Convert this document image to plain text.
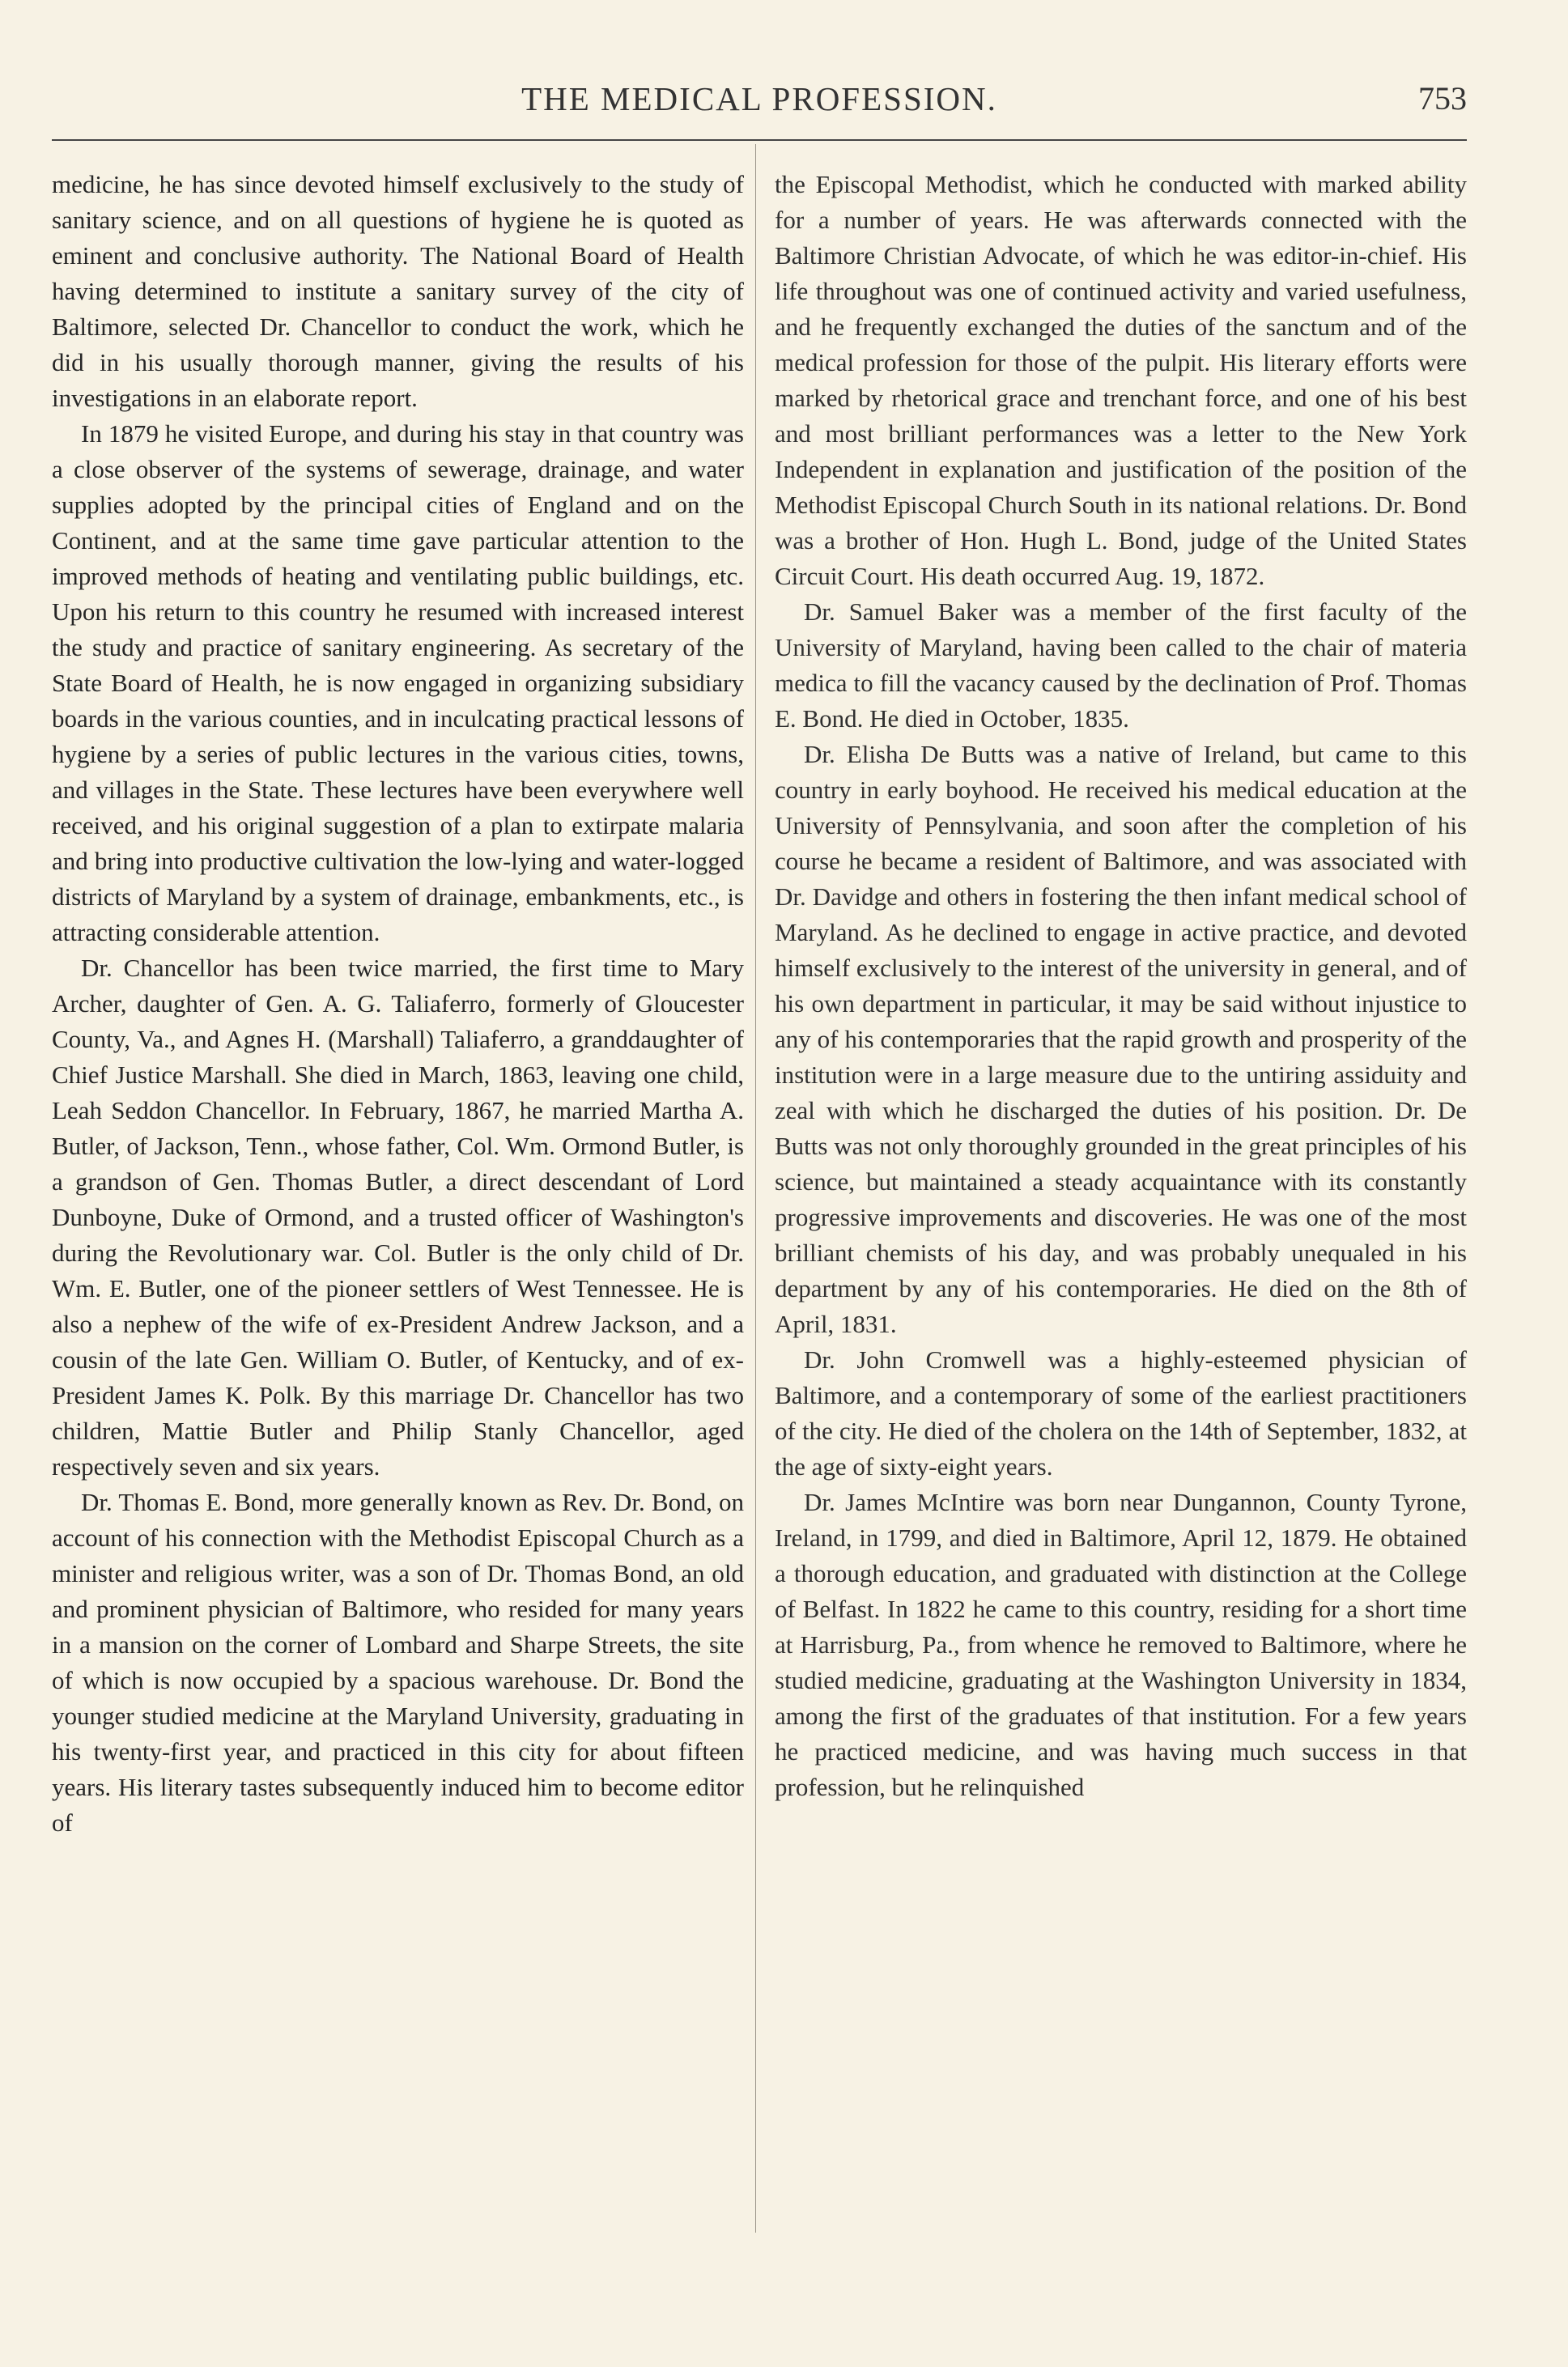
THE MEDICAL PROFESSION.	753

medicine, he has since devoted himself exclusively to the study of sanitary science, and on all questions of hygiene he is quoted as eminent and conclusive authority. The National Board of Health having determined to institute a sanitary survey of the city of Baltimore, selected Dr. Chancellor to conduct the work, which he did in his usually thorough manner, giving the results of his investigations in an elaborate report.

In 1879 he visited Europe, and during his stay in that country was a close observer of the systems of sewerage, drainage, and water supplies adopted by the principal cities of England and on the Continent, and at the same time gave particular attention to the improved methods of heating and ventilating public buildings, etc. Upon his return to this country he resumed with increased interest the study and practice of sanitary engineering. As secretary of the State Board of Health, he is now engaged in organizing subsidiary boards in the various counties, and in inculcating practical lessons of hygiene by a series of public lectures in the various cities, towns, and villages in the State. These lectures have been everywhere well received, and his original suggestion of a plan to extirpate malaria and bring into productive cultivation the low-lying and water-logged districts of Maryland by a system of drainage, embankments, etc., is attracting considerable attention.

Dr. Chancellor has been twice married, the first time to Mary Archer, daughter of Gen. A. G. Taliaferro, formerly of Gloucester County, Va., and Agnes H. (Marshall) Taliaferro, a granddaughter of Chief Justice Marshall. She died in March, 1863, leaving one child, Leah Seddon Chancellor. In February, 1867, he married Martha A. Butler, of Jackson, Tenn., whose father, Col. Wm. Ormond Butler, is a grandson of Gen. Thomas Butler, a direct descendant of Lord Dunboyne, Duke of Ormond, and a trusted officer of Washington's during the Revolutionary war. Col. Butler is the only child of Dr. Wm. E. Butler, one of the pioneer settlers of West Tennessee. He is also a nephew of the wife of ex-President Andrew Jackson, and a cousin of the late Gen. William O. Butler, of Kentucky, and of ex-President James K. Polk. By this marriage Dr. Chancellor has two children, Mattie Butler and Philip Stanly Chancellor, aged respectively seven and six years.

Dr. Thomas E. Bond, more generally known as Rev. Dr. Bond, on account of his connection with the Methodist Episcopal Church as a minister and religious writer, was a son of Dr. Thomas Bond, an old and prominent physician of Baltimore, who resided for many years in a mansion on the corner of Lombard and Sharpe Streets, the site of which is now occupied by a spacious warehouse. Dr. Bond the younger studied medicine at the Maryland University, graduating in his twenty-first year, and practiced in this city for about fifteen years. His literary tastes subsequently induced him to become editor of

the Episcopal Methodist, which he conducted with marked ability for a number of years. He was afterwards connected with the Baltimore Christian Advocate, of which he was editor-in-chief. His life throughout was one of continued activity and varied usefulness, and he frequently exchanged the duties of the sanctum and of the medical profession for those of the pulpit. His literary efforts were marked by rhetorical grace and trenchant force, and one of his best and most brilliant performances was a letter to the New York Independent in explanation and justification of the position of the Methodist Episcopal Church South in its national relations. Dr. Bond was a brother of Hon. Hugh L. Bond, judge of the United States Circuit Court. His death occurred Aug. 19, 1872.

Dr. Samuel Baker was a member of the first faculty of the University of Maryland, having been called to the chair of materia medica to fill the vacancy caused by the declination of Prof. Thomas E. Bond. He died in October, 1835.

Dr. Elisha De Butts was a native of Ireland, but came to this country in early boyhood. He received his medical education at the University of Pennsylvania, and soon after the completion of his course he became a resident of Baltimore, and was associated with Dr. Davidge and others in fostering the then infant medical school of Maryland. As he declined to engage in active practice, and devoted himself exclusively to the interest of the university in general, and of his own department in particular, it may be said without injustice to any of his contemporaries that the rapid growth and prosperity of the institution were in a large measure due to the untiring assiduity and zeal with which he discharged the duties of his position. Dr. De Butts was not only thoroughly grounded in the great principles of his science, but maintained a steady acquaintance with its constantly progressive improvements and discoveries. He was one of the most brilliant chemists of his day, and was probably unequaled in his department by any of his contemporaries. He died on the 8th of April, 1831.

Dr. John Cromwell was a highly-esteemed physician of Baltimore, and a contemporary of some of the earliest practitioners of the city. He died of the cholera on the 14th of September, 1832, at the age of sixty-eight years.

Dr. James McIntire was born near Dungannon, County Tyrone, Ireland, in 1799, and died in Baltimore, April 12, 1879. He obtained a thorough education, and graduated with distinction at the College of Belfast. In 1822 he came to this country, residing for a short time at Harrisburg, Pa., from whence he removed to Baltimore, where he studied medicine, graduating at the Washington University in 1834, among the first of the graduates of that institution. For a few years he practiced medicine, and was having much success in that profession, but he relinquished
